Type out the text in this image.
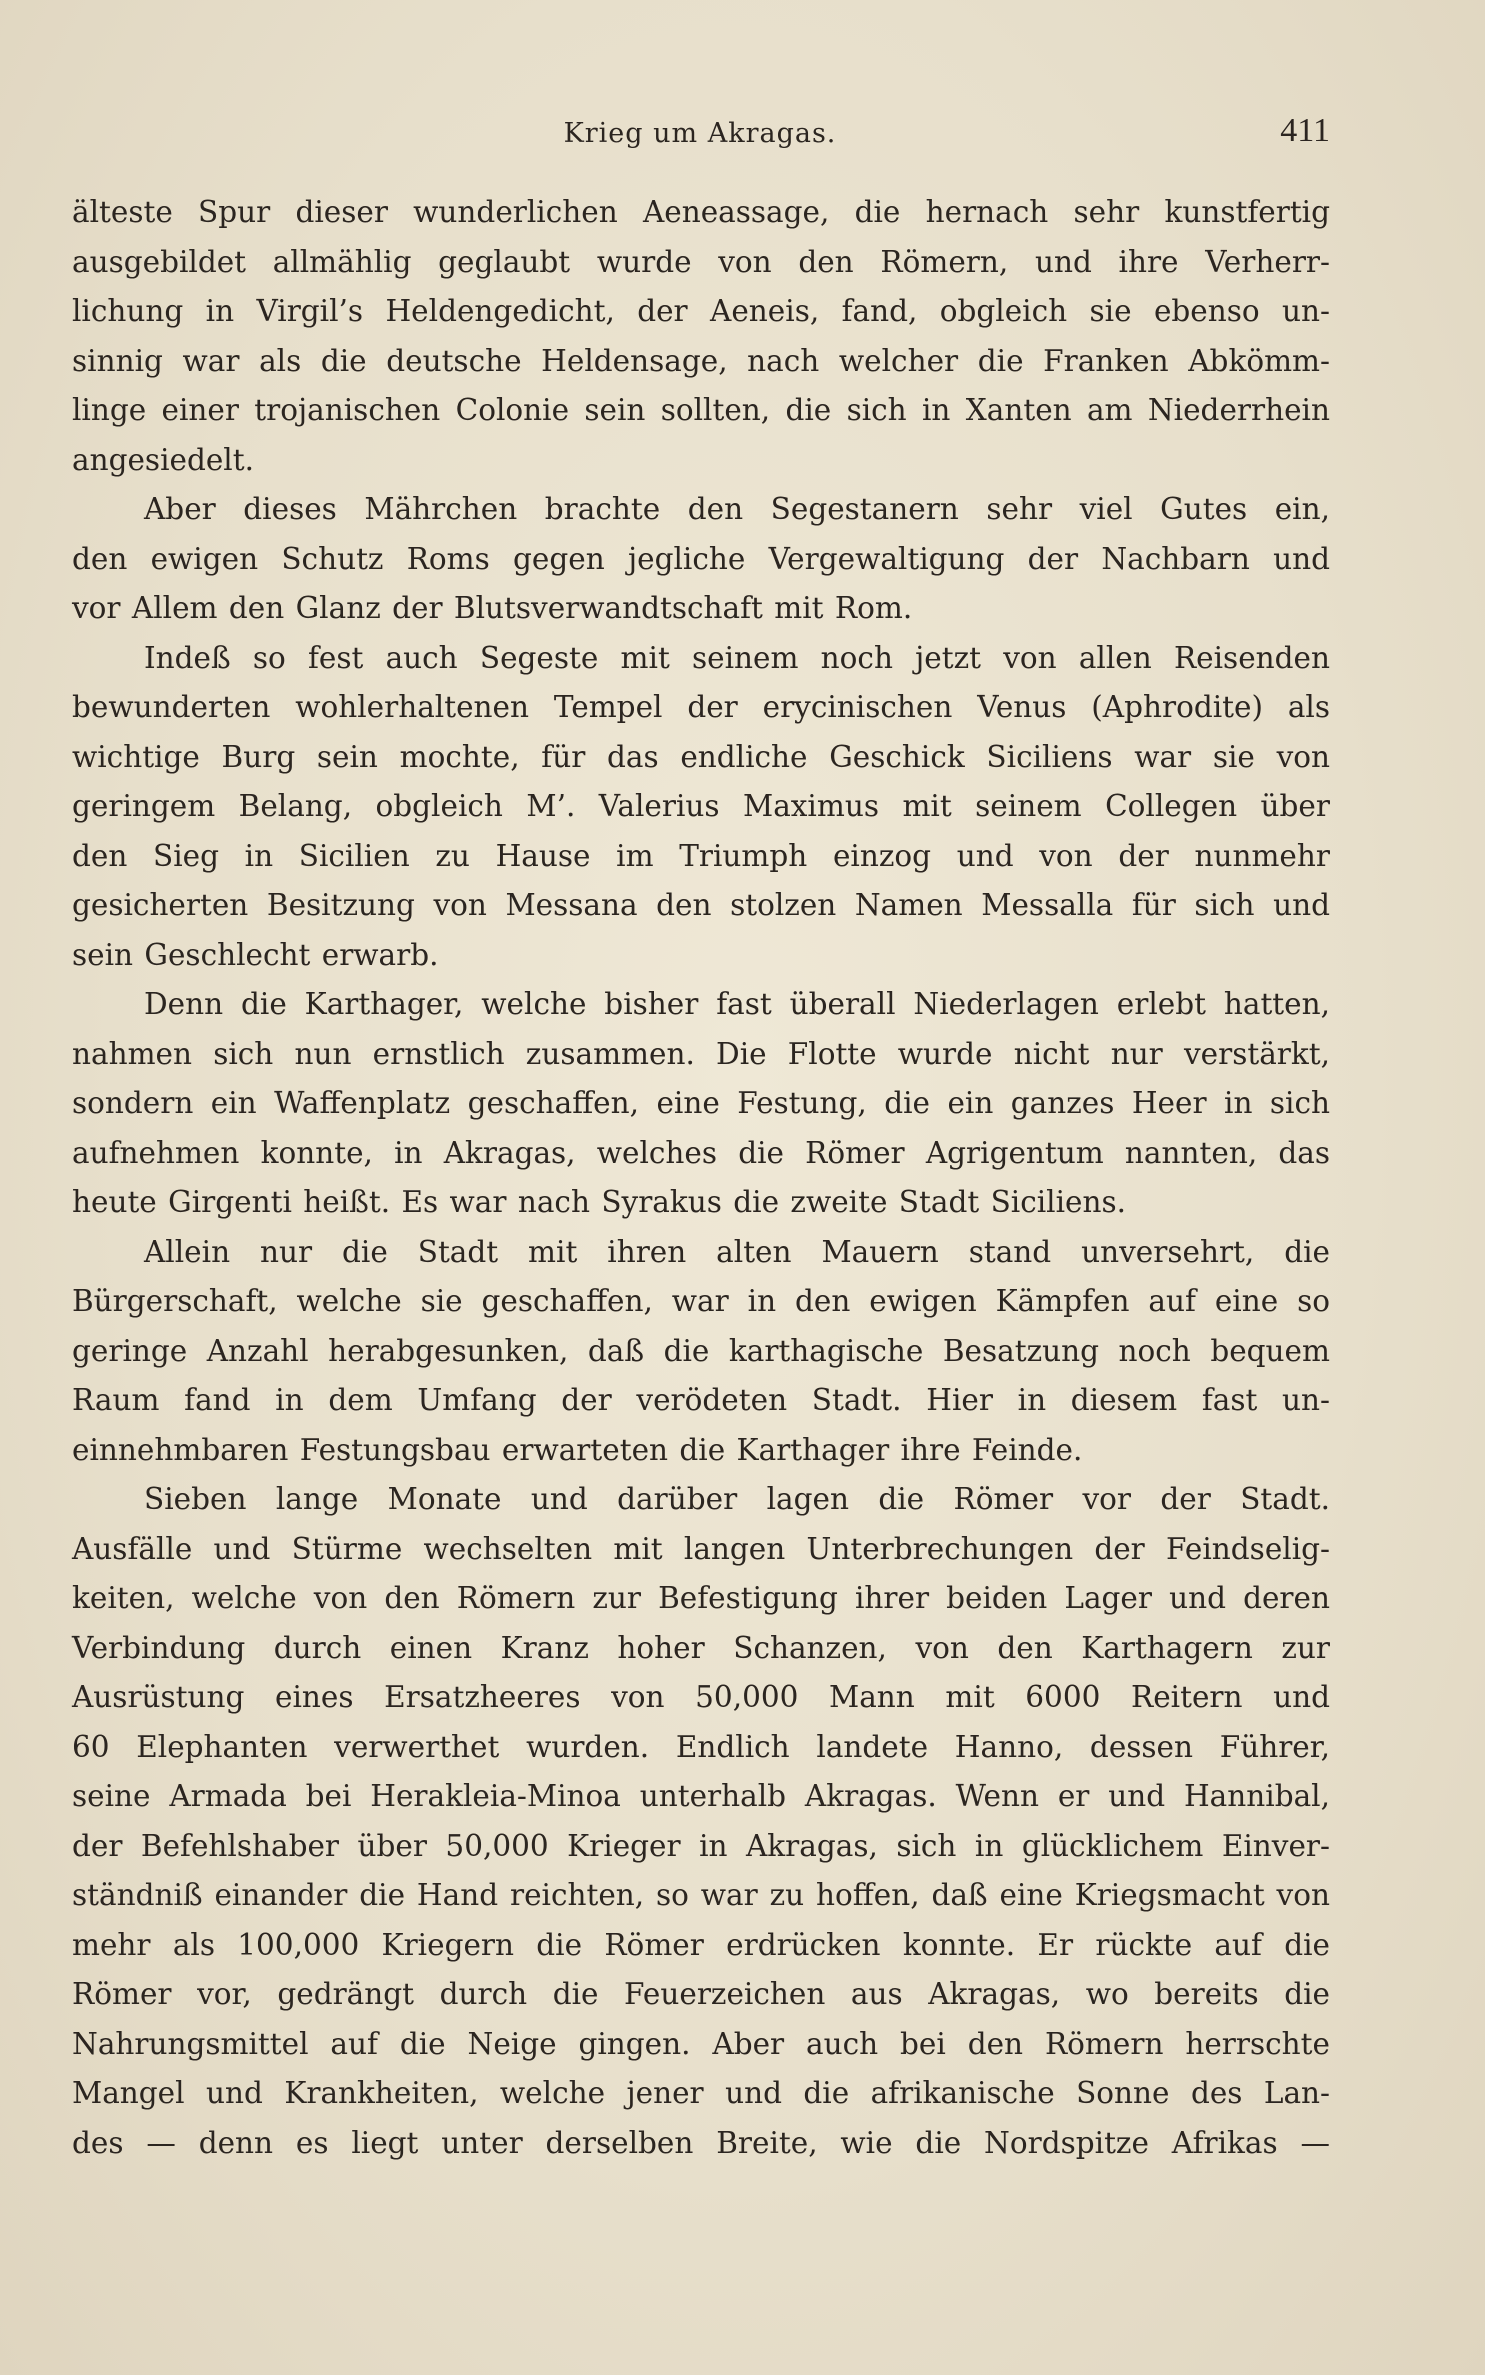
Krieg um Akragas.	411
älteste Spur dieser wunderlichen Aeneassage, die hernach sehr kunstfertig
ausgebildet allmählig geglaubt wurde von den Römern, und ihre Verherr-
lichung in Virgil’s Heldengedicht, der Aeneis, fand, obgleich sie ebenso un-
sinnig war als die deutsche Heldensage, nach welcher die Franken Abkömm-
linge einer trojanischen Colonie sein sollten, die sich in Xanten am Niederrhein
angesiedelt.
Aber dieses Mährchen brachte den Segestanern sehr viel Gutes ein,
den ewigen Schutz Roms gegen jegliche Vergewaltigung der Nachbarn und
vor Allem den Glanz der Blutsverwandtschaft mit Rom.
Indeß so fest auch Segeste mit seinem noch jetzt von allen Reisenden
bewunderten wohlerhaltenen Tempel der erycinischen Venus (Aphrodite) als
wichtige Burg sein mochte, für das endliche Geschick Siciliens war sie von
geringem Belang, obgleich M’. Valerius Maximus mit seinem Collegen über
den Sieg in Sicilien zu Hause im Triumph einzog und von der nunmehr
gesicherten Besitzung von Messana den stolzen Namen Messalla für sich und
sein Geschlecht erwarb.
Denn die Karthager, welche bisher fast überall Niederlagen erlebt hatten,
nahmen sich nun ernstlich zusammen. Die Flotte wurde nicht nur verstärkt,
sondern ein Waffenplatz geschaffen, eine Festung, die ein ganzes Heer in sich
aufnehmen konnte, in Akragas, welches die Römer Agrigentum nannten, das
heute Girgenti heißt. Es war nach Syrakus die zweite Stadt Siciliens.
Allein nur die Stadt mit ihren alten Mauern stand unversehrt, die
Bürgerschaft, welche sie geschaffen, war in den ewigen Kämpfen auf eine so
geringe Anzahl herabgesunken, daß die karthagische Besatzung noch bequem
Raum fand in dem Umfang der verödeten Stadt. Hier in diesem fast un-
einnehmbaren Festungsbau erwarteten die Karthager ihre Feinde.
Sieben lange Monate und darüber lagen die Römer vor der Stadt.
Ausfälle und Stürme wechselten mit langen Unterbrechungen der Feindselig-
keiten, welche von den Römern zur Befestigung ihrer beiden Lager und deren
Verbindung durch einen Kranz hoher Schanzen, von den Karthagern zur
Ausrüstung eines Ersatzheeres von 50,000 Mann mit 6000 Reitern und
60 Elephanten verwerthet wurden. Endlich landete Hanno, dessen Führer,
seine Armada bei Herakleia-Minoa unterhalb Akragas. Wenn er und Hannibal,
der Befehlshaber über 50,000 Krieger in Akragas, sich in glücklichem Einver-
ständniß einander die Hand reichten, so war zu hoffen, daß eine Kriegsmacht von
mehr als 100,000 Kriegern die Römer erdrücken konnte. Er rückte auf die
Römer vor, gedrängt durch die Feuerzeichen aus Akragas, wo bereits die
Nahrungsmittel auf die Neige gingen. Aber auch bei den Römern herrschte
Mangel und Krankheiten, welche jener und die afrikanische Sonne des Lan-
des — denn es liegt unter derselben Breite, wie die Nordspitze Afrikas —
